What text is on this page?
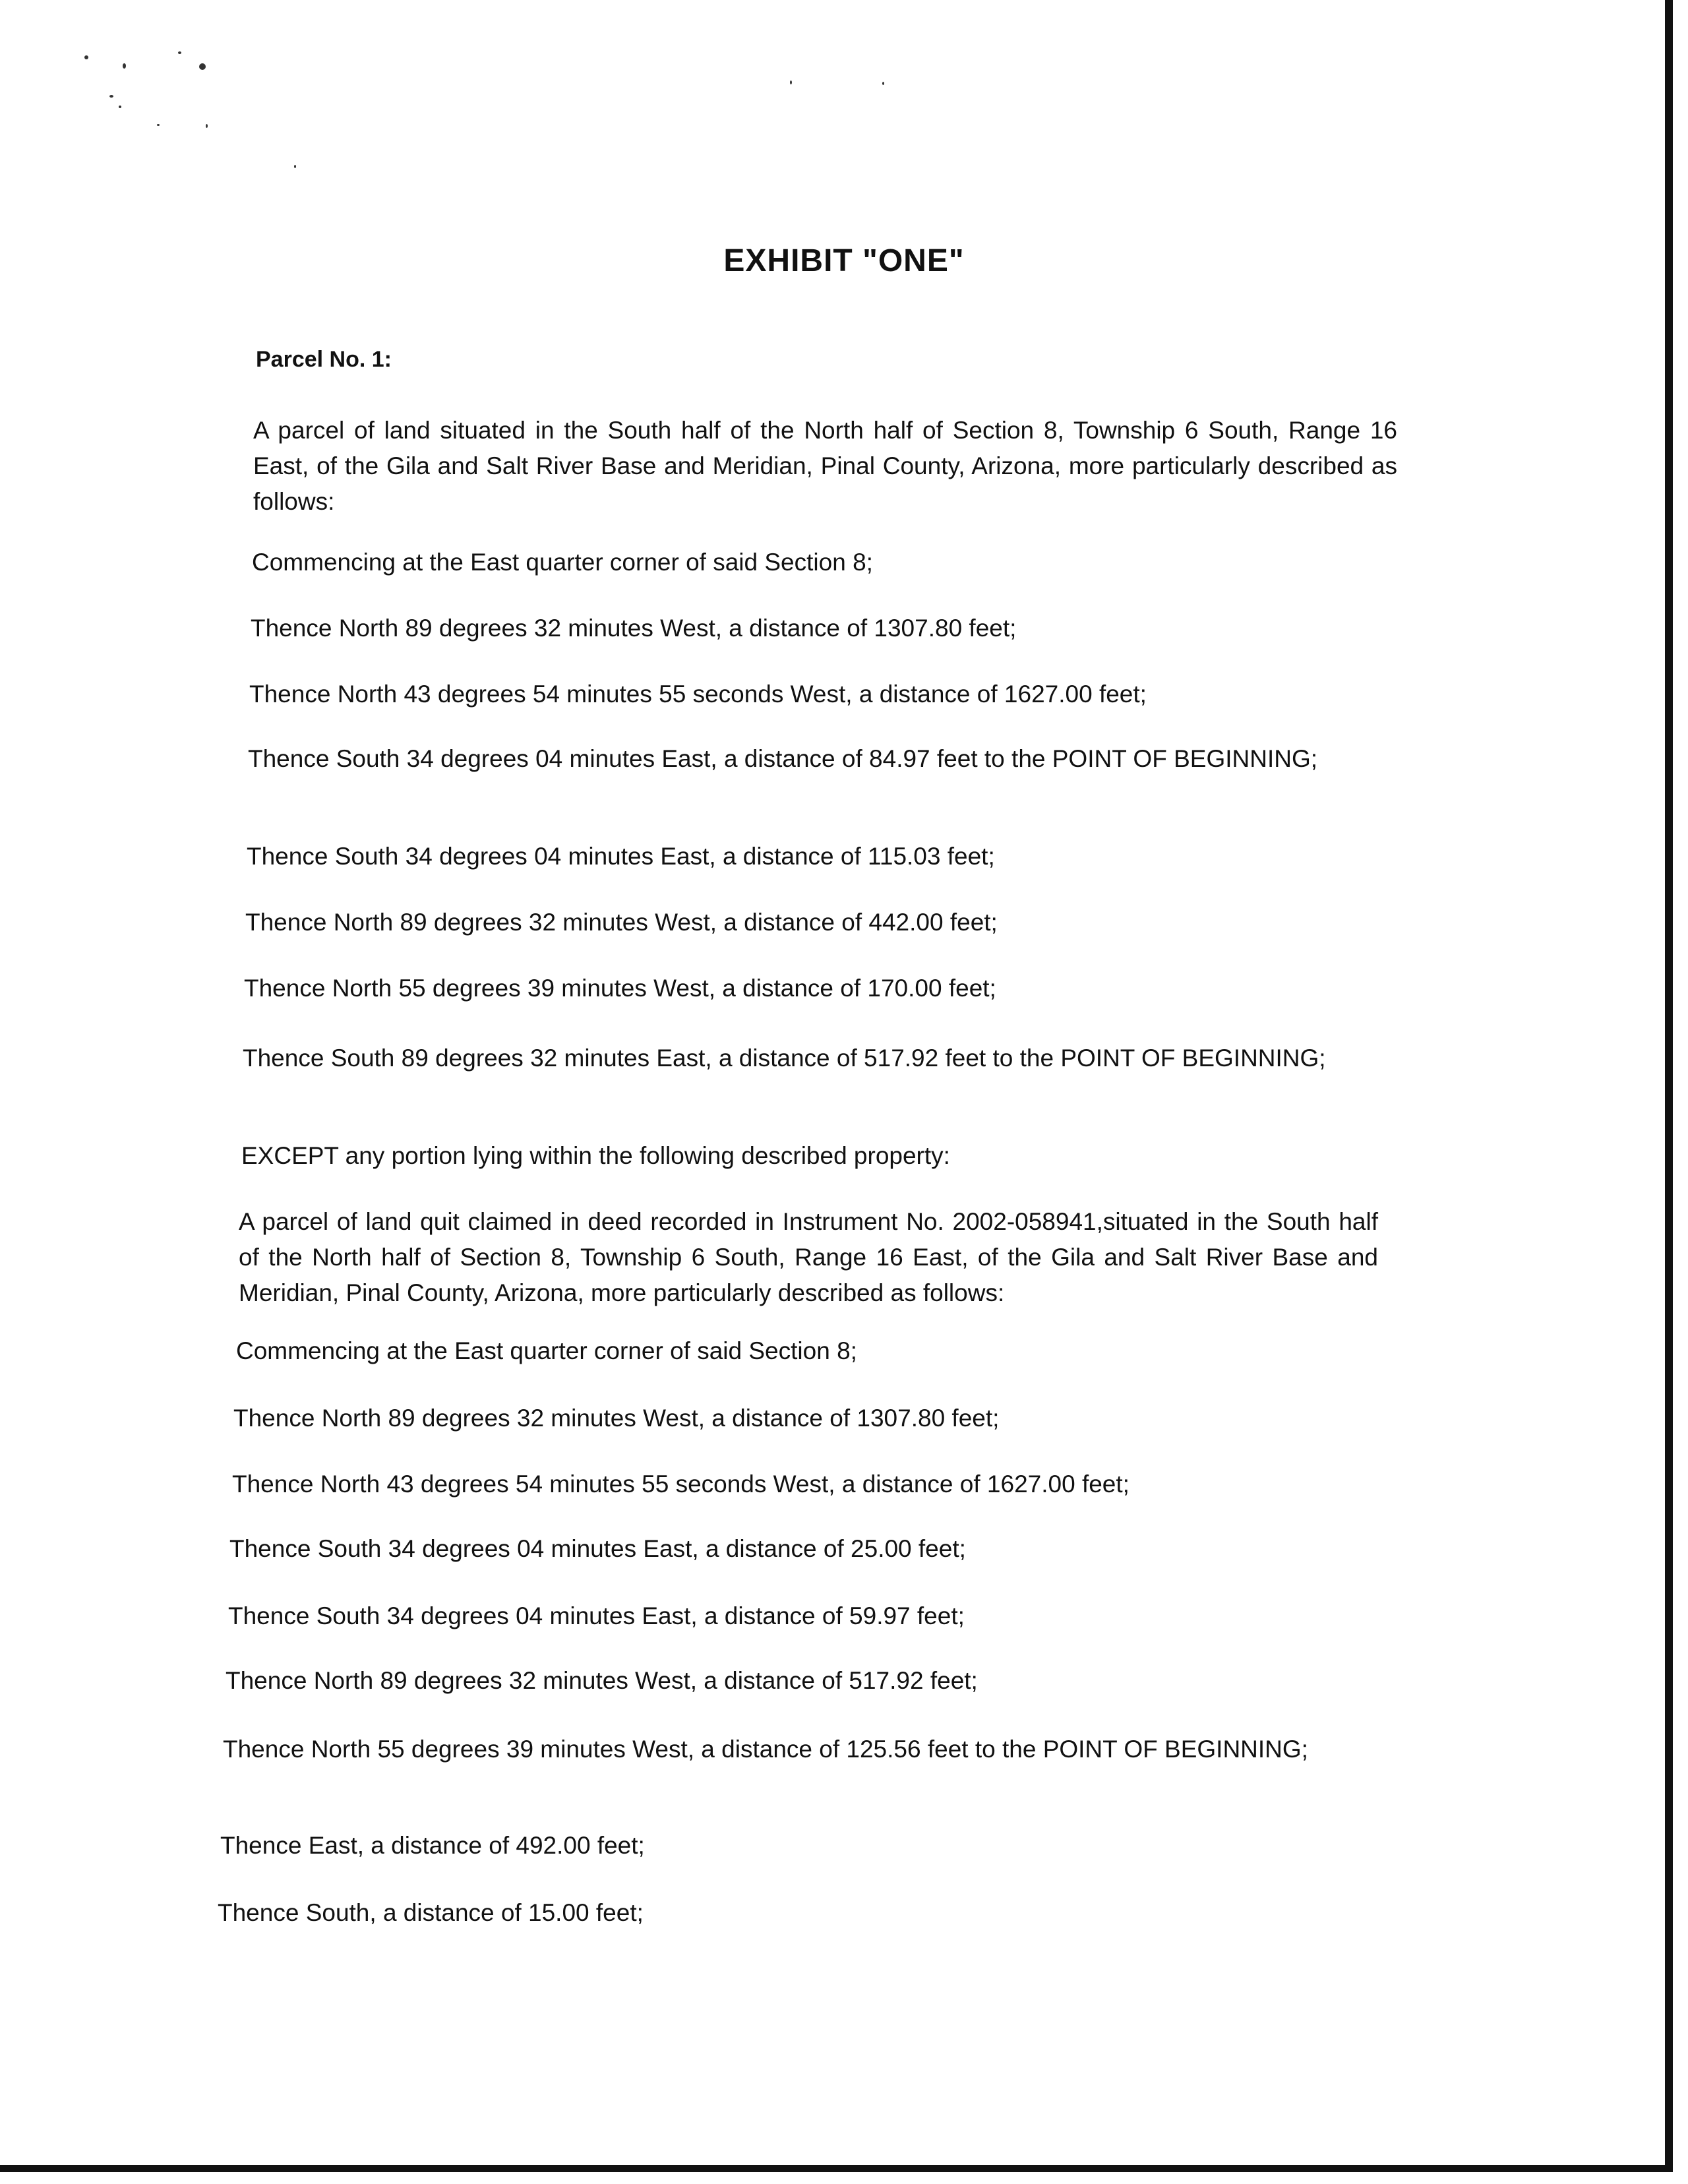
EXHIBIT "ONE"
Parcel No. 1:
A parcel of land situated in the South half of the North half of Section 8, Township 6 South, Range 16 East, of the Gila and Salt River Base and Meridian, Pinal County, Arizona, more particularly described as follows:
Commencing at the East quarter corner of said Section 8;
Thence North 89 degrees 32 minutes West, a distance of 1307.80 feet;
Thence North 43 degrees 54 minutes 55 seconds West, a distance of 1627.00 feet;
Thence South 34 degrees 04 minutes East, a distance of 84.97 feet to the POINT OF BEGINNING;
Thence South 34 degrees 04 minutes East, a distance of 115.03 feet;
Thence North 89 degrees 32 minutes West, a distance of 442.00 feet;
Thence North 55 degrees 39 minutes West, a distance of 170.00 feet;
Thence South 89 degrees 32 minutes East, a distance of 517.92 feet to the POINT OF BEGINNING;
EXCEPT any portion lying within the following described property:
A parcel of land quit claimed in deed recorded in Instrument No. 2002-058941,situated in the South half of the North half of Section 8, Township 6 South, Range 16 East, of the Gila and Salt River Base and Meridian, Pinal County, Arizona, more particularly described as follows:
Commencing at the East quarter corner of said Section 8;
Thence North 89 degrees 32 minutes West, a distance of 1307.80 feet;
Thence North 43 degrees 54 minutes 55 seconds West, a distance of 1627.00 feet;
Thence South 34 degrees 04 minutes East, a distance of 25.00 feet;
Thence South 34 degrees 04 minutes East, a distance of 59.97 feet;
Thence North 89 degrees 32 minutes West, a distance of 517.92 feet;
Thence North 55 degrees 39 minutes West, a distance of 125.56 feet to the POINT OF BEGINNING;
Thence East, a distance of 492.00 feet;
Thence South, a distance of 15.00 feet;
